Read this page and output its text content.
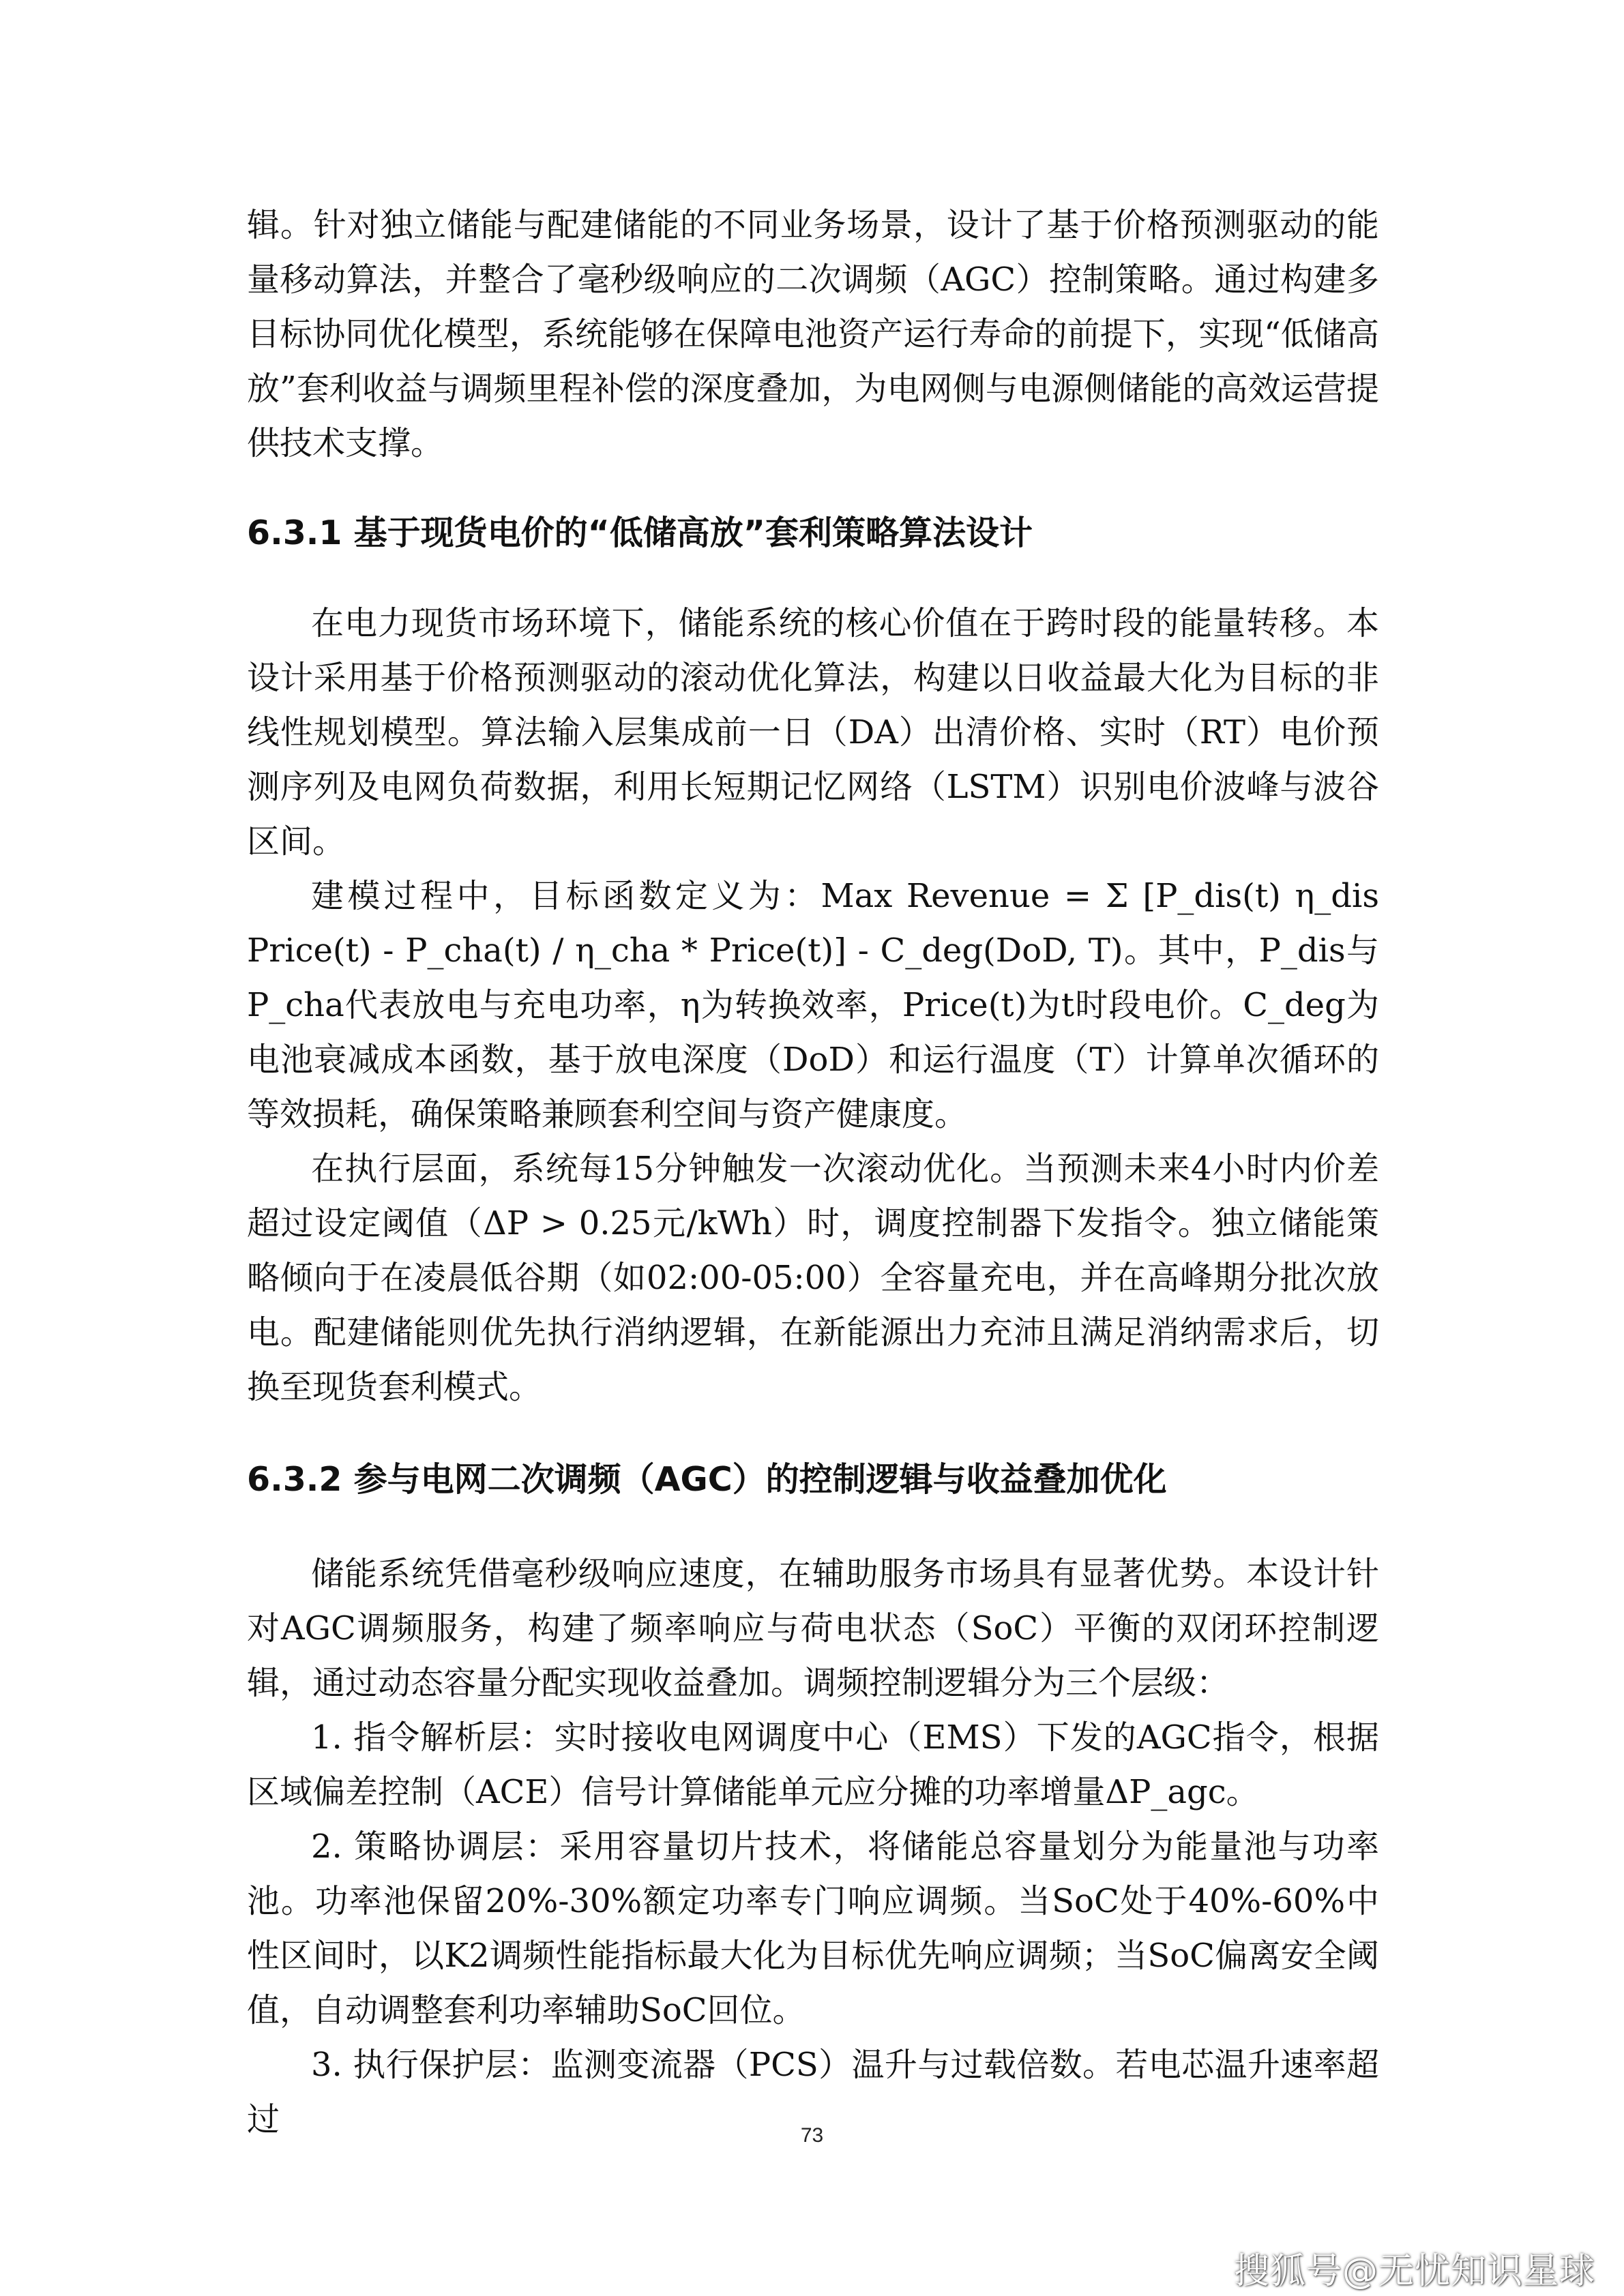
辑。针对独立储能与配建储能的不同业务场景，设计了基于价格预测驱动的能量移动算法，并整合了毫秒级响应的二次调频（AGC）控制策略。通过构建多目标协同优化模型，系统能够在保障电池资产运行寿命的前提下，实现“低储高放”套利收益与调频里程补偿的深度叠加，为电网侧与电源侧储能的高效运营提供技术支撑。

6.3.1 基于现货电价的“低储高放”套利策略算法设计

在电力现货市场环境下，储能系统的核心价值在于跨时段的能量转移。本设计采用基于价格预测驱动的滚动优化算法，构建以日收益最大化为目标的非线性规划模型。算法输入层集成前一日（DA）出清价格、实时（RT）电价预测序列及电网负荷数据，利用长短期记忆网络（LSTM）识别电价波峰与波谷区间。

建模过程中，目标函数定义为：Max Revenue = Σ [P_dis(t) η_dis Price(t) - P_cha(t) / η_cha * Price(t)] - C_deg(DoD, T)。其中，P_dis与P_cha代表放电与充电功率，η为转换效率，Price(t)为t时段电价。C_deg为电池衰减成本函数，基于放电深度（DoD）和运行温度（T）计算单次循环的等效损耗，确保策略兼顾套利空间与资产健康度。

在执行层面，系统每15分钟触发一次滚动优化。当预测未来4小时内价差超过设定阈值（ΔP > 0.25元/kWh）时，调度控制器下发指令。独立储能策略倾向于在凌晨低谷期（如02:00-05:00）全容量充电，并在高峰期分批次放电。配建储能则优先执行消纳逻辑，在新能源出力充沛且满足消纳需求后，切换至现货套利模式。

6.3.2 参与电网二次调频（AGC）的控制逻辑与收益叠加优化

储能系统凭借毫秒级响应速度，在辅助服务市场具有显著优势。本设计针对AGC调频服务，构建了频率响应与荷电状态（SoC）平衡的双闭环控制逻辑，通过动态容量分配实现收益叠加。调频控制逻辑分为三个层级：

1. 指令解析层：实时接收电网调度中心（EMS）下发的AGC指令，根据区域偏差控制（ACE）信号计算储能单元应分摊的功率增量ΔP_agc。

2. 策略协调层：采用容量切片技术，将储能总容量划分为能量池与功率池。功率池保留20%-30%额定功率专门响应调频。当SoC处于40%-60%中性区间时，以K2调频性能指标最大化为目标优先响应调频；当SoC偏离安全阈值，自动调整套利功率辅助SoC回位。

3. 执行保护层：监测变流器（PCS）温升与过载倍数。若电芯温升速率超过	73
搜狐号@无忧知识星球
